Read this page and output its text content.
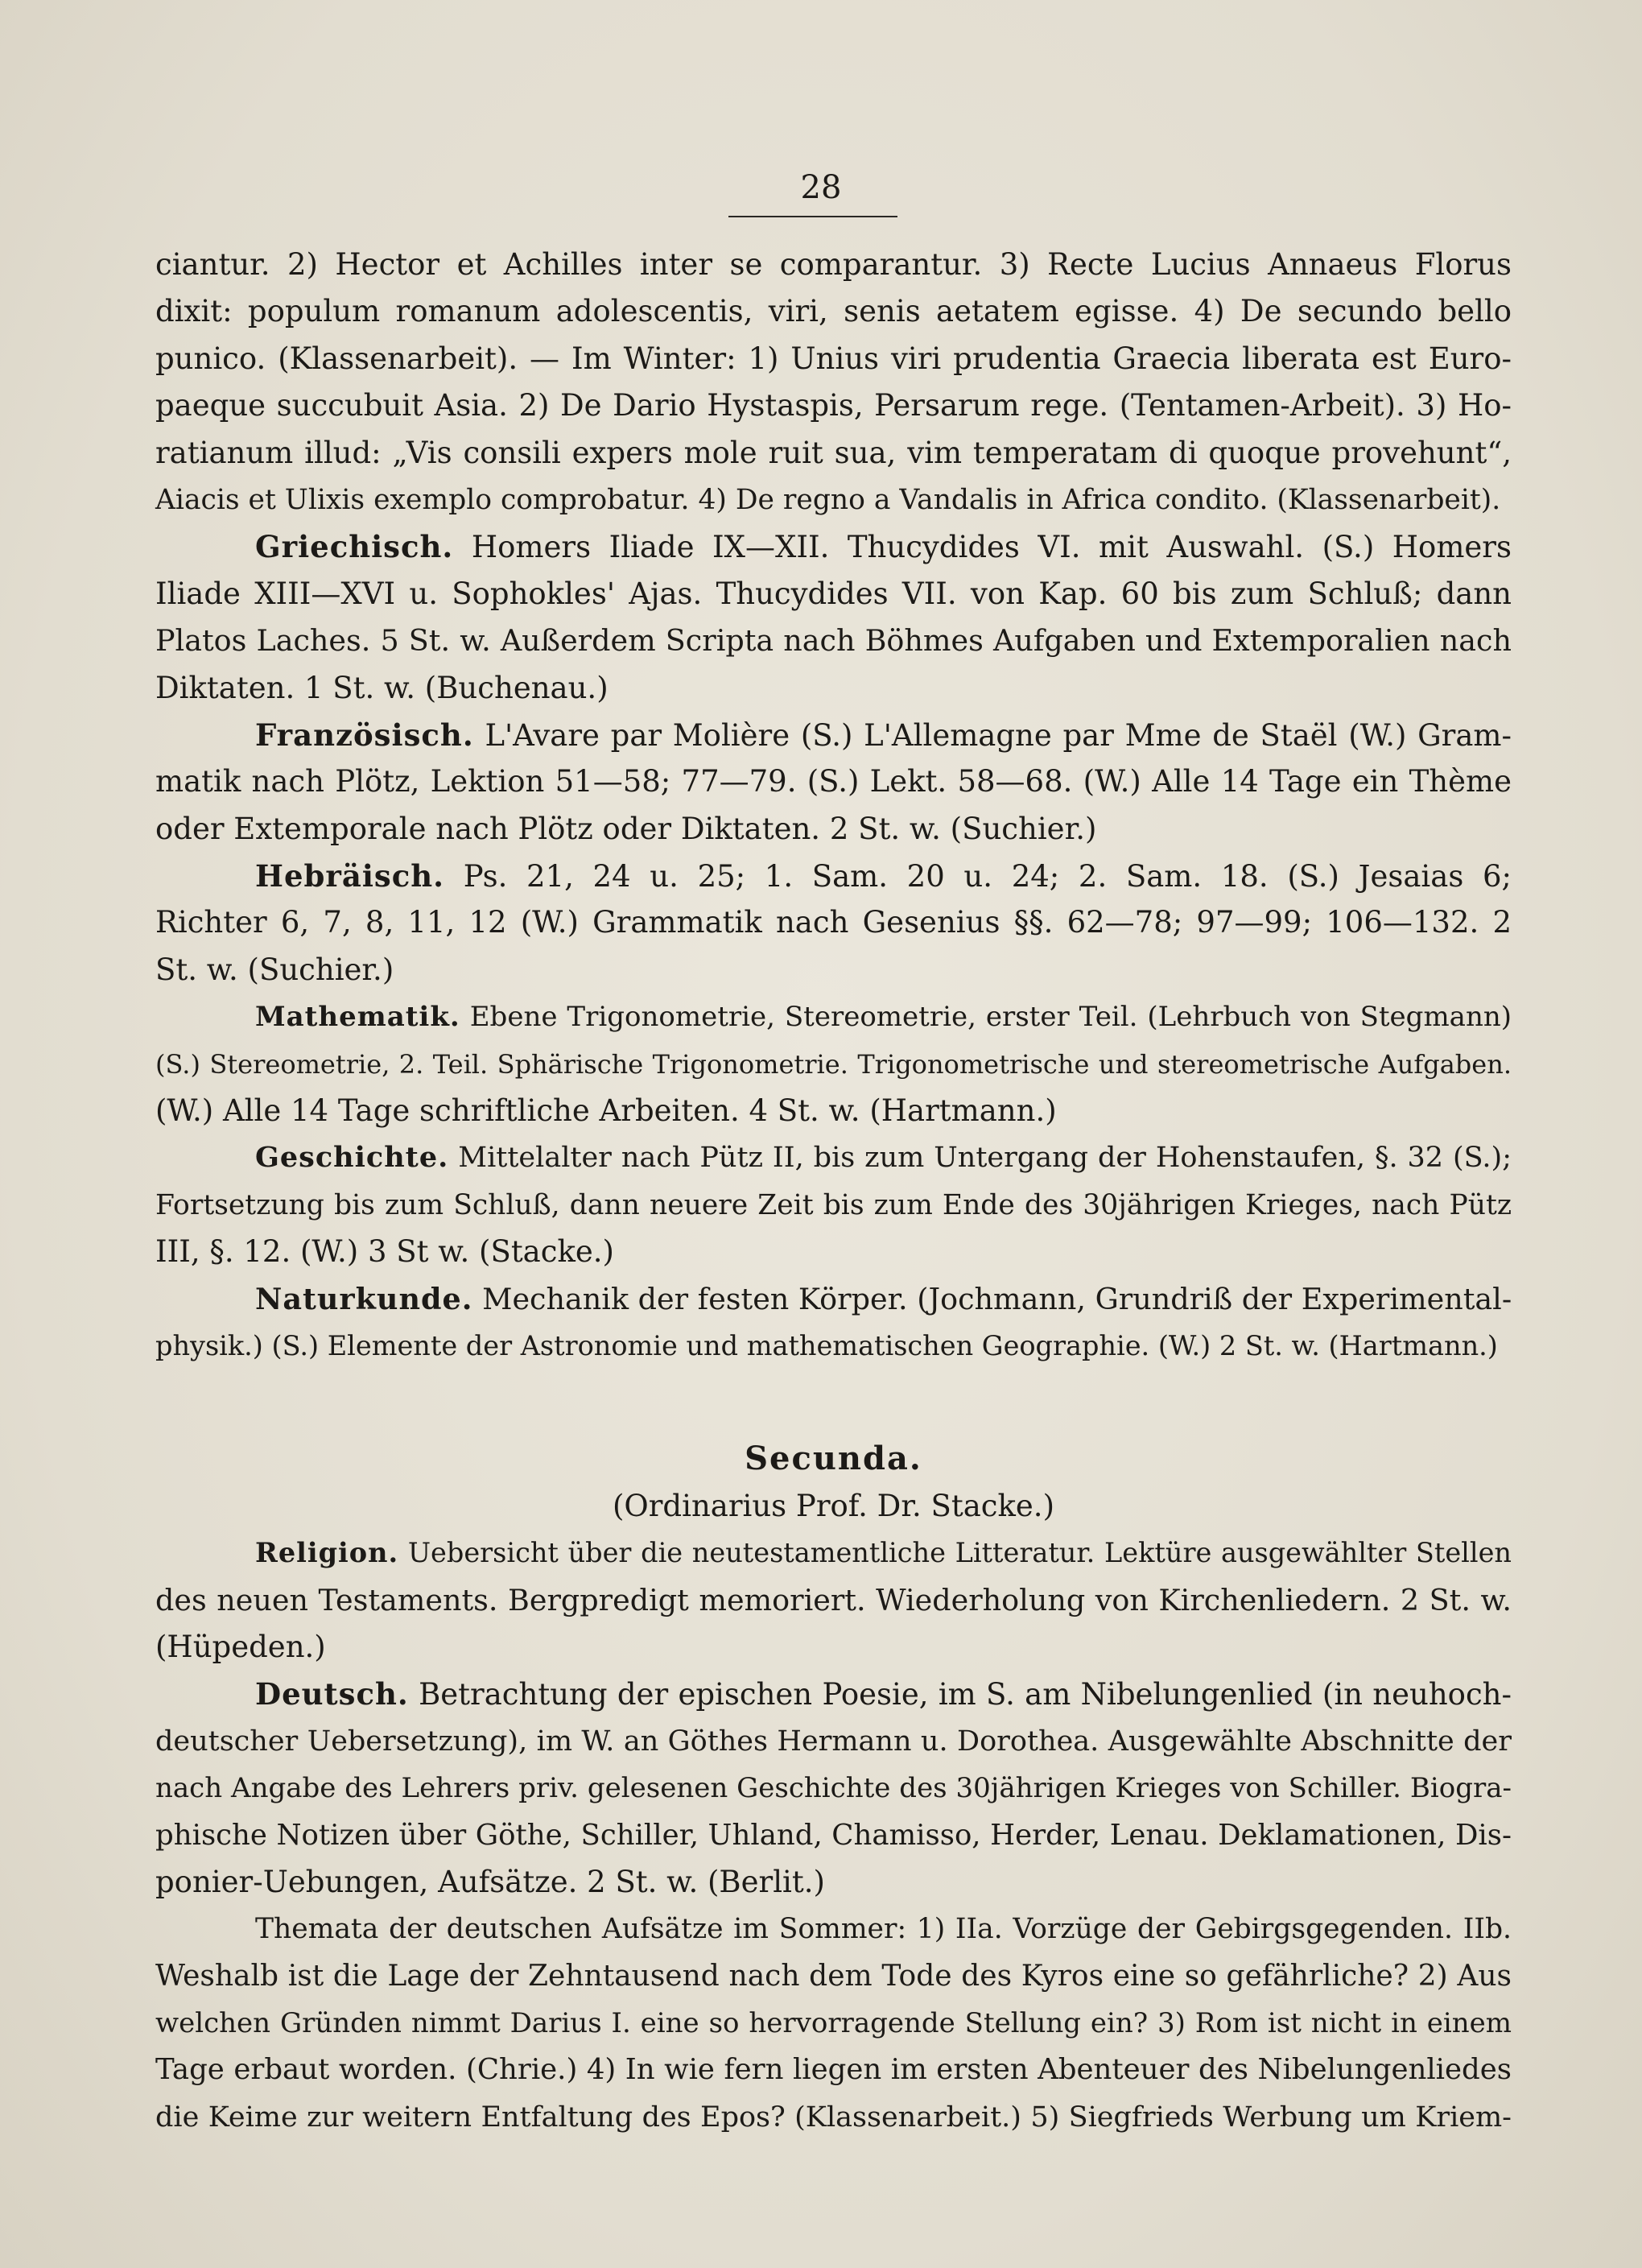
28
ciantur. 2) Hector et Achilles inter se comparantur. 3) Recte Lucius Annaeus Florus
dixit: populum romanum adolescentis, viri, senis aetatem egisse. 4) De secundo bello
punico. (Klassenarbeit). — Im Winter: 1) Unius viri prudentia Graecia liberata est Euro-
paeque succubuit Asia. 2) De Dario Hystaspis, Persarum rege. (Tentamen-Arbeit). 3) Ho-
ratianum illud: „Vis consili expers mole ruit sua, vim temperatam di quoque provehunt“,
Aiacis et Ulixis exemplo comprobatur. 4) De regno a Vandalis in Africa condito. (Klassenarbeit).
Griechisch. Homers Iliade IX—XII. Thucydides VI. mit Auswahl. (S.) Homers
Iliade XIII—XVI u. Sophokles' Ajas. Thucydides VII. von Kap. 60 bis zum Schluß; dann
Platos Laches. 5 St. w. Außerdem Scripta nach Böhmes Aufgaben und Extemporalien nach
Diktaten. 1 St. w. (Buchenau.)
Französisch. L'Avare par Molière (S.) L'Allemagne par Mme de Staël (W.) Gram-
matik nach Plötz, Lektion 51—58; 77—79. (S.) Lekt. 58—68. (W.) Alle 14 Tage ein Thème
oder Extemporale nach Plötz oder Diktaten. 2 St. w. (Suchier.)
Hebräisch. Ps. 21, 24 u. 25; 1. Sam. 20 u. 24; 2. Sam. 18. (S.) Jesaias 6;
Richter 6, 7, 8, 11, 12 (W.) Grammatik nach Gesenius §§. 62—78; 97—99; 106—132. 2
St. w. (Suchier.)
Mathematik. Ebene Trigonometrie, Stereometrie, erster Teil. (Lehrbuch von Stegmann)
(S.) Stereometrie, 2. Teil. Sphärische Trigonometrie. Trigonometrische und stereometrische Aufgaben.
(W.) Alle 14 Tage schriftliche Arbeiten. 4 St. w. (Hartmann.)
Geschichte. Mittelalter nach Pütz II, bis zum Untergang der Hohenstaufen, §. 32 (S.);
Fortsetzung bis zum Schluß, dann neuere Zeit bis zum Ende des 30jährigen Krieges, nach Pütz
III, §. 12. (W.) 3 St w. (Stacke.)
Naturkunde. Mechanik der festen Körper. (Jochmann, Grundriß der Experimental-
physik.) (S.) Elemente der Astronomie und mathematischen Geographie. (W.) 2 St. w. (Hartmann.)
Secunda.
(Ordinarius Prof. Dr. Stacke.)
Religion. Uebersicht über die neutestamentliche Litteratur. Lektüre ausgewählter Stellen
des neuen Testaments. Bergpredigt memoriert. Wiederholung von Kirchenliedern. 2 St. w.
(Hüpeden.)
Deutsch. Betrachtung der epischen Poesie, im S. am Nibelungenlied (in neuhoch-
deutscher Uebersetzung), im W. an Göthes Hermann u. Dorothea. Ausgewählte Abschnitte der
nach Angabe des Lehrers priv. gelesenen Geschichte des 30jährigen Krieges von Schiller. Biogra-
phische Notizen über Göthe, Schiller, Uhland, Chamisso, Herder, Lenau. Deklamationen, Dis-
ponier-Uebungen, Aufsätze. 2 St. w. (Berlit.)
Themata der deutschen Aufsätze im Sommer: 1) IIa. Vorzüge der Gebirgsgegenden. IIb.
Weshalb ist die Lage der Zehntausend nach dem Tode des Kyros eine so gefährliche? 2) Aus
welchen Gründen nimmt Darius I. eine so hervorragende Stellung ein? 3) Rom ist nicht in einem
Tage erbaut worden. (Chrie.) 4) In wie fern liegen im ersten Abenteuer des Nibelungenliedes
die Keime zur weitern Entfaltung des Epos? (Klassenarbeit.) 5) Siegfrieds Werbung um Kriem-
